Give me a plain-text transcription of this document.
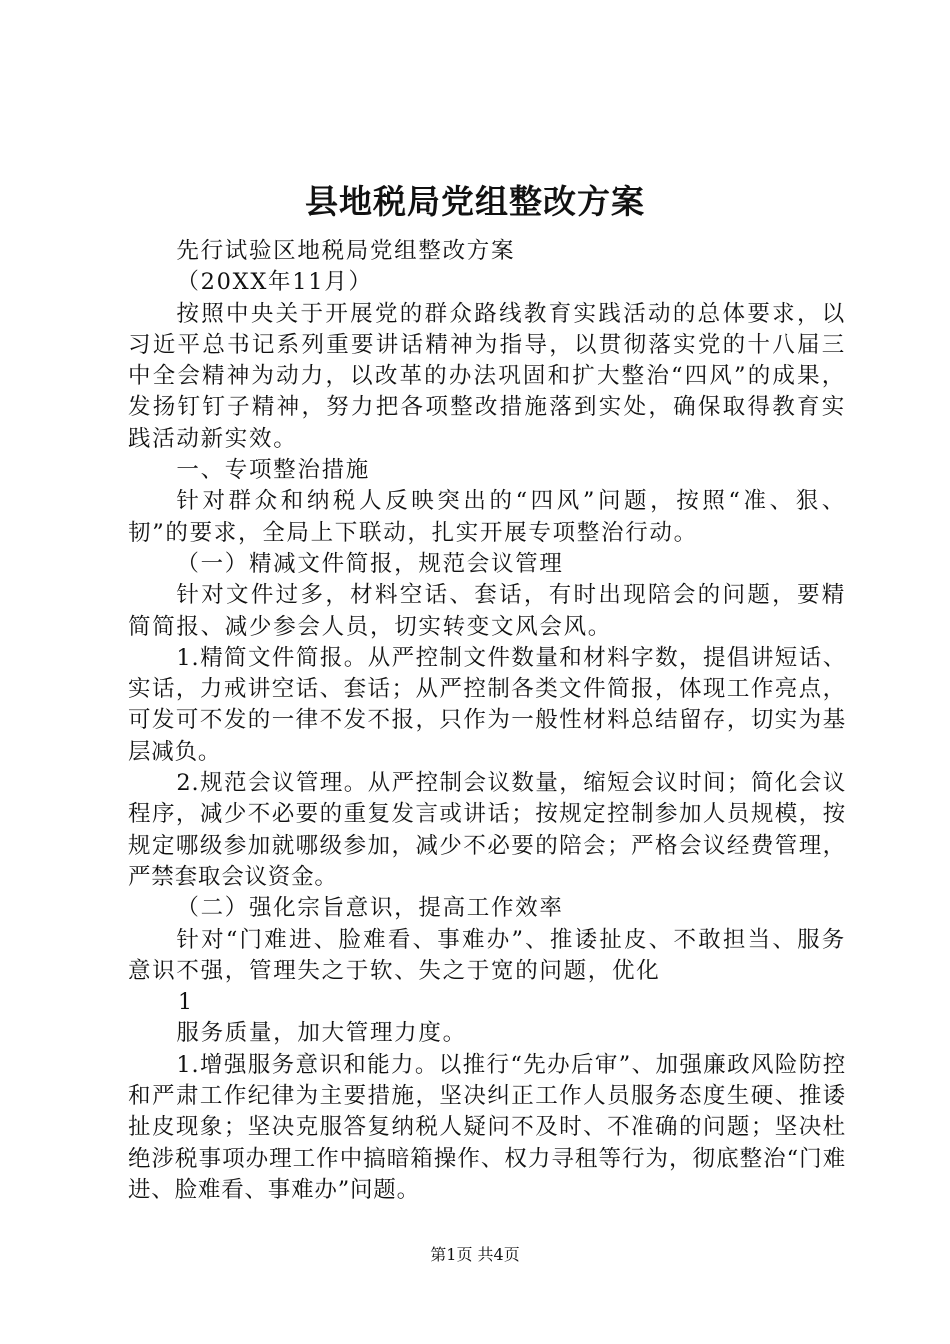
县地税局党组整改方案

先行试验区地税局党组整改方案

（20XX年11月）

按照中央关于开展党的群众路线教育实践活动的总体要求，以习近平总书记系列重要讲话精神为指导，以贯彻落实党的十八届三中全会精神为动力，以改革的办法巩固和扩大整治“四风”的成果，发扬钉钉子精神，努力把各项整改措施落到实处，确保取得教育实践活动新实效。

一、专项整治措施

针对群众和纳税人反映突出的“四风”问题，按照“准、狠、韧”的要求，全局上下联动，扎实开展专项整治行动。

（一）精减文件简报，规范会议管理

针对文件过多，材料空话、套话，有时出现陪会的问题，要精简简报、减少参会人员，切实转变文风会风。

1.精简文件简报。从严控制文件数量和材料字数，提倡讲短话、实话，力戒讲空话、套话；从严控制各类文件简报，体现工作亮点，可发可不发的一律不发不报，只作为一般性材料总结留存，切实为基层减负。

2.规范会议管理。从严控制会议数量，缩短会议时间；简化会议程序，减少不必要的重复发言或讲话；按规定控制参加人员规模，按规定哪级参加就哪级参加，减少不必要的陪会；严格会议经费管理，严禁套取会议资金。

（二）强化宗旨意识，提高工作效率

针对“门难进、脸难看、事难办”、推诿扯皮、不敢担当、服务意识不强，管理失之于软、失之于宽的问题，优化

1

服务质量，加大管理力度。

1.增强服务意识和能力。以推行“先办后审”、加强廉政风险防控和严肃工作纪律为主要措施，坚决纠正工作人员服务态度生硬、推诿扯皮现象；坚决克服答复纳税人疑问不及时、不准确的问题；坚决杜绝涉税事项办理工作中搞暗箱操作、权力寻租等行为，彻底整治“门难进、脸难看、事难办”问题。

第1页 共4页
